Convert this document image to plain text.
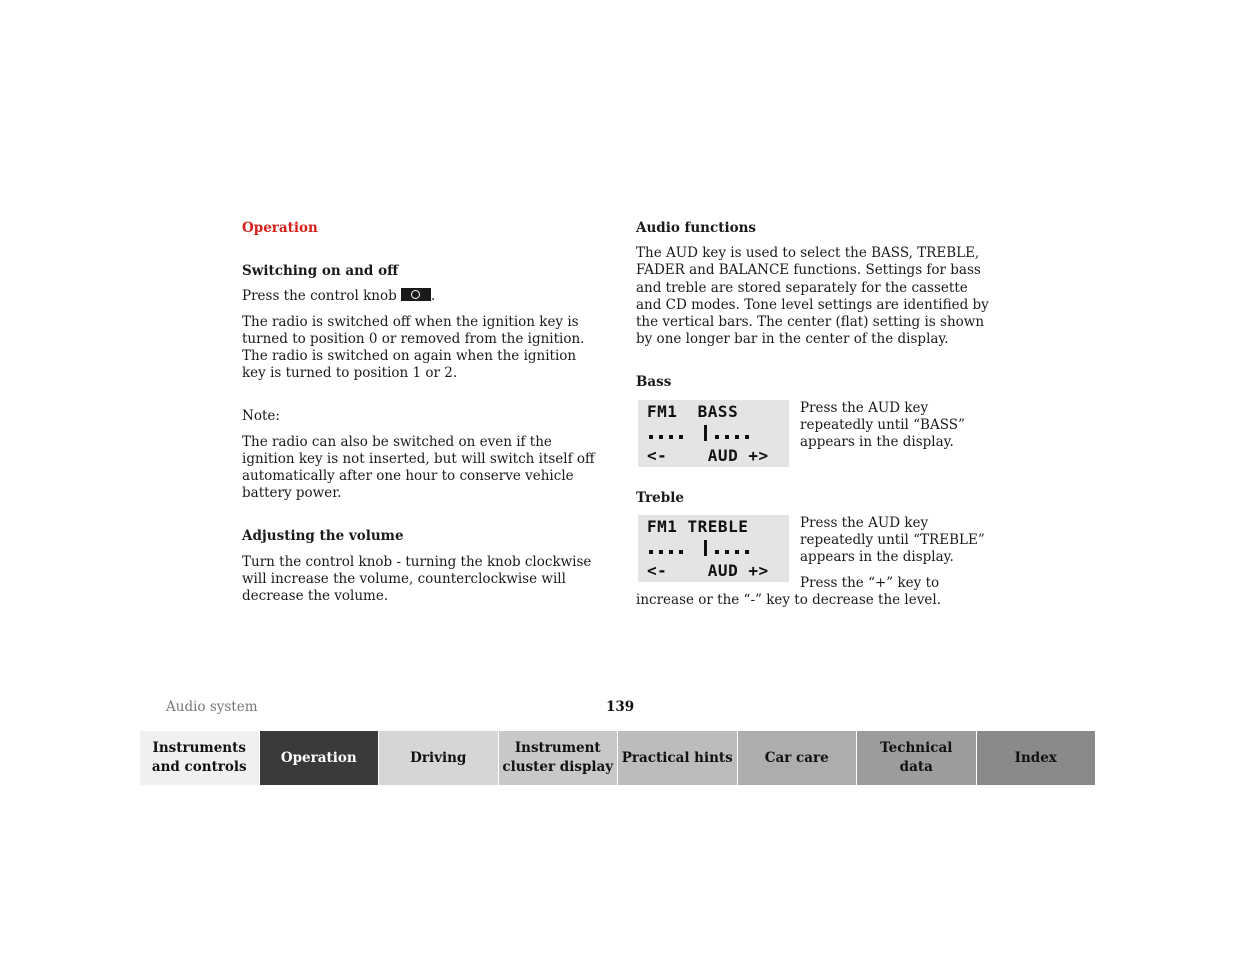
Operation
Switching on and off

Press the control knob	.

The radio is switched off when the ignition key is turned to position 0 or removed from the ignition. The radio is switched on again when the ignition key is turned to position 1 or 2.

Note:

The radio can also be switched on even if the ignition key is not inserted, but will switch itself off automatically after one hour to conserve vehicle battery power.

Adjusting the volume

Turn the control knob - turning the knob clockwise will increase the volume, counterclockwise will decrease the volume.

Audio functions

The AUD key is used to select the BASS, TREBLE, FADER and BALANCE functions. Settings for bass and treble are stored separately for the cassette and CD modes. Tone level settings are identified by the vertical bars. The center (flat) setting is shown by one longer bar in the center of the display.

Bass
FM1  BASS
<-    AUD +>
Press the AUD key repeatedly until “BASS” appears in the display.
Treble
FM1 TREBLE
<-    AUD +>
Press the AUD key repeatedly until “TREBLE” appears in the display.

Press the “+” key to increase or the “-” key to decrease the level.

Audio system	139
Instruments
and controls
Operation	Driving
Instrument
cluster display
Practical hints	Car care
Technical
data
Index
